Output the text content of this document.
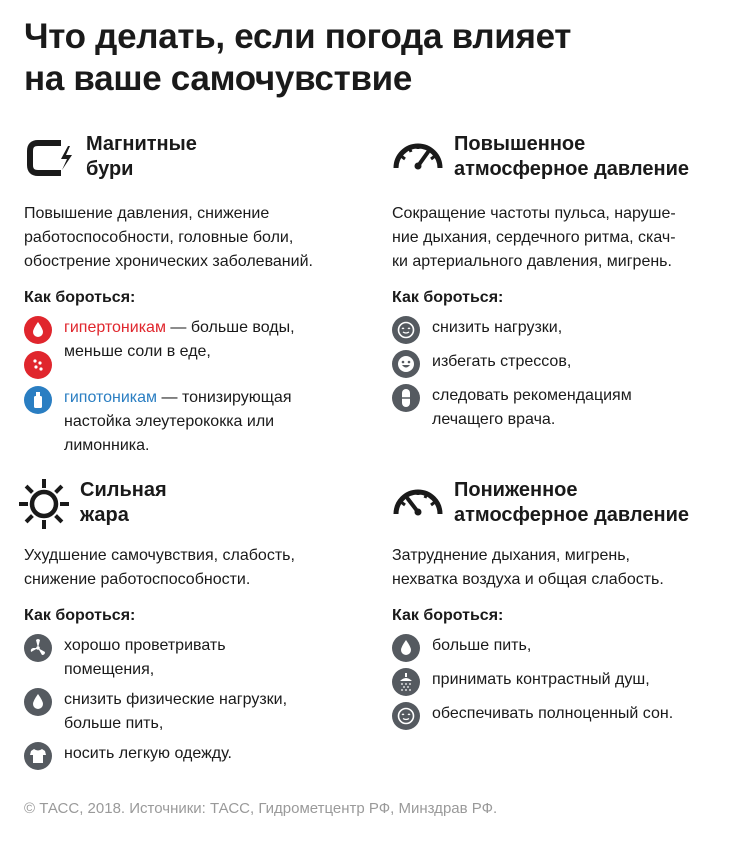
Что делать, если погода влияет
на ваше самочувствие
Магнитные
бури
Повышение давления, снижение
работоспособности, головные боли,
обострение хронических заболеваний.
Как бороться:

гипертоникам — больше воды,
меньше соли в еде,
гипотоникам — тонизирующая
настойка элеутерококка или
лимонника.
Повышенное
атмосферное давление
Сокращение частоты пульса, наруше-
ние дыхания, сердечного ритма, скач-
ки артериального давления, мигрень.
Как бороться:
снизить нагрузки,
избегать стрессов,
следовать рекомендациям
лечащего врача.
Сильная
жара
Ухудшение самочувствия, слабость,
снижение работоспособности.
Как бороться:
хорошо проветривать
помещения,
снизить физические нагрузки,
больше пить,
носить легкую одежду.
Пониженное
атмосферное давление
Затруднение дыхания, мигрень,
нехватка воздуха и общая слабость.
Как бороться:
больше пить,
принимать контрастный душ,
обеспечивать полноценный сон.
© ТАСС, 2018. Источники: ТАСС, Гидрометцентр РФ, Минздрав РФ.
